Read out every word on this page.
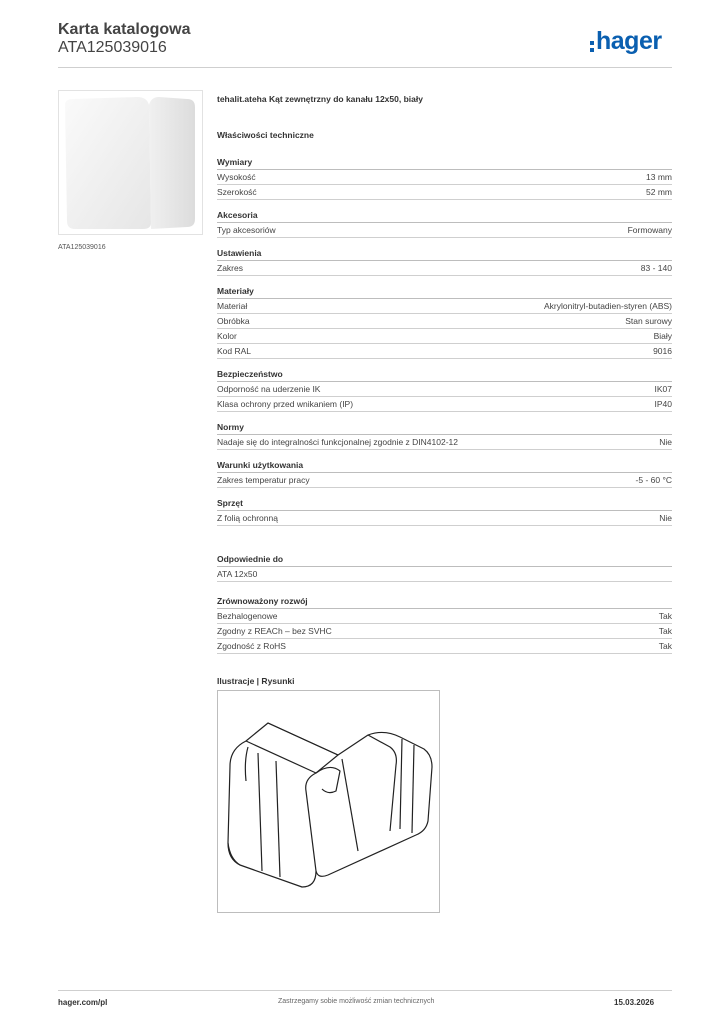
Karta katalogowa
ATA125039016	hager
ATA125039016
tehalit.ateha Kąt zewnętrzny do kanału 12x50, biały
Właściwości techniczne
Wymiary
Wysokość	13 mm
Szerokość	52 mm
Akcesoria
Typ akcesoriów	Formowany
Ustawienia
Zakres	83 - 140
Materiały
Materiał	Akrylonitryl-butadien-styren (ABS)
Obróbka	Stan surowy
Kolor	Biały
Kod RAL	9016
Bezpieczeństwo
Odporność na uderzenie IK	IK07
Klasa ochrony przed wnikaniem (IP)	IP40
Normy
Nadaje się do integralności funkcjonalnej zgodnie z DIN4102-12	Nie
Warunki użytkowania
Zakres temperatur pracy	-5 - 60 °C
Sprzęt
Z folią ochronną	Nie
Odpowiednie do
ATA 12x50
Zrównoważony rozwój
Bezhalogenowe	Tak
Zgodny z REACh – bez SVHC	Tak
Zgodność z RoHS	Tak
Ilustracje | Rysunki
hager.com/pl	Zastrzegamy sobie możliwość zmian technicznych	15.03.2026
